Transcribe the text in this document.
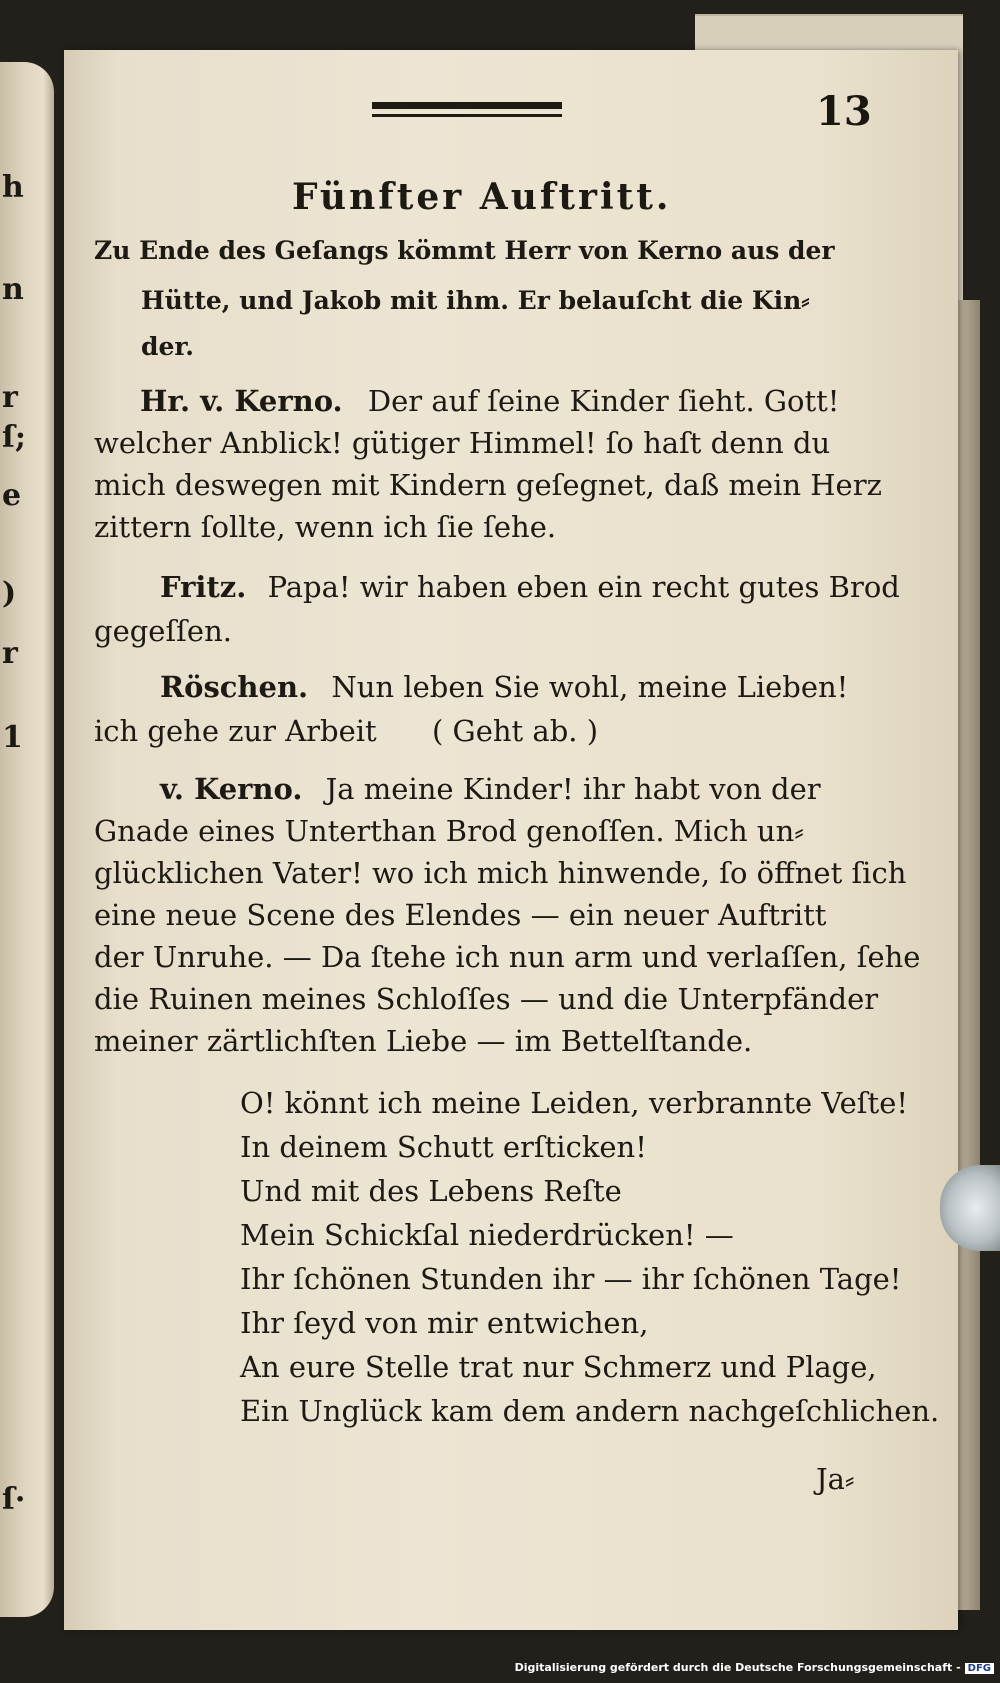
h
n
r
ſ;
e
)
r
1
ſ·
13
Fünfter Auftritt.
Zu Ende des Geſangs kömmt Herr von Kerno aus der
Hütte, und Jakob mit ihm. Er belauſcht die Kin⸗
der.
Hr. v. Kerno. Der auf ſeine Kinder ſieht. Gott!
welcher Anblick! gütiger Himmel! ſo haſt denn du
mich deswegen mit Kindern geſegnet, daß mein Herz
zittern ſollte, wenn ich ſie ſehe.
Fritz. Papa! wir haben eben ein recht gutes Brod
gegeſſen.
Röschen. Nun leben Sie wohl, meine Lieben!
ich gehe zur Arbeit      ( Geht ab. )
v. Kerno. Ja meine Kinder! ihr habt von der
Gnade eines Unterthan Brod genoſſen. Mich un⸗
glücklichen Vater! wo ich mich hinwende, ſo öffnet ſich
eine neue Scene des Elendes — ein neuer Auftritt
der Unruhe. — Da ſtehe ich nun arm und verlaſſen, ſehe
die Ruinen meines Schloſſes — und die Unterpfänder
meiner zärtlichſten Liebe — im Bettelſtande.
O! könnt ich meine Leiden, verbrannte Veſte!
In deinem Schutt erſticken!
Und mit des Lebens Reſte
Mein Schickſal niederdrücken! —
Ihr ſchönen Stunden ihr — ihr ſchönen Tage!
Ihr ſeyd von mir entwichen,
An eure Stelle trat nur Schmerz und Plage,
Ein Unglück kam dem andern nachgeſchlichen.
Ja⸗
Digitalisierung gefördert durch die Deutsche Forschungsgemeinschaft - DFG
